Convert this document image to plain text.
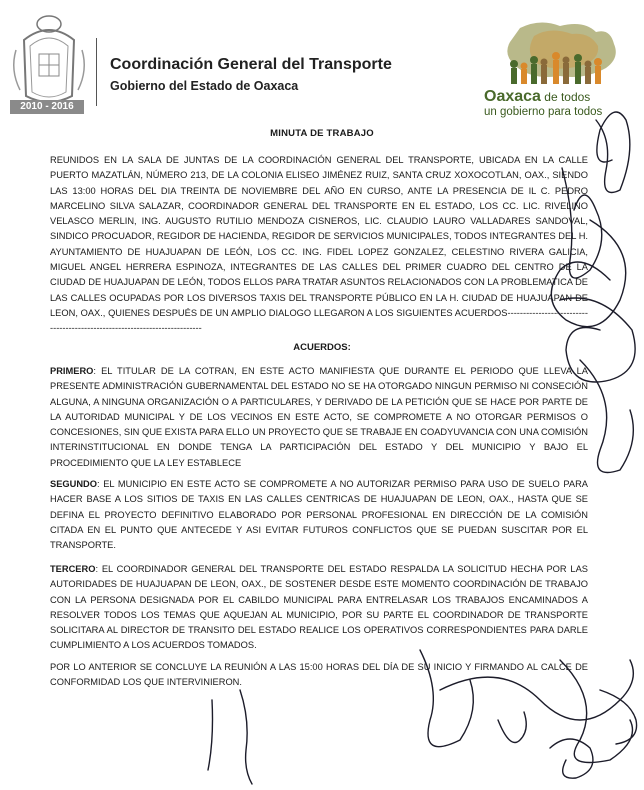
2010 - 2016
Coordinación General del Transporte
Gobierno del Estado de Oaxaca
Oaxaca de todos
un gobierno para todos
MINUTA DE TRABAJO

REUNIDOS EN LA SALA DE JUNTAS DE LA COORDINACIÓN GENERAL DEL TRANSPORTE, UBICADA EN LA CALLE PUERTO MAZATLÁN, NÚMERO 213, DE LA COLONIA ELISEO JIMÉNEZ RUIZ, SANTA CRUZ XOXOCOTLAN, OAX., SIENDO LAS 13:00 HORAS DEL DIA TREINTA DE NOVIEMBRE DEL AÑO EN CURSO, ANTE LA PRESENCIA DE IL C. PEDRO MARCELINO SILVA SALAZAR, COORDINADOR GENERAL DEL TRANSPORTE EN EL ESTADO, LOS CC. LIC. RIVELINO VELASCO MERLIN, ING. AUGUSTO RUTILIO MENDOZA CISNEROS, LIC. CLAUDIO LAURO VALLADARES SANDOVAL, SINDICO PROCUADOR, REGIDOR DE HACIENDA, REGIDOR DE SERVICIOS MUNICIPALES, TODOS INTEGRANTES DEL H. AYUNTAMIENTO DE HUAJUAPAN DE LEÓN, LOS CC. ING. FIDEL LOPEZ GONZALEZ, CELESTINO RIVERA GALICIA, MIGUEL ANGEL HERRERA ESPINOZA, INTEGRANTES DE LAS CALLES DEL PRIMER CUADRO DEL CENTRO DE LA CIUDAD DE HUAJUAPAN DE LEÓN, TODOS ELLOS PARA TRATAR ASUNTOS RELACIONADOS CON LA PROBLEMATICA DE LAS CALLES OCUPADAS POR LOS DIVERSOS TAXIS DEL TRANSPORTE PÚBLICO EN LA H. CIUDAD DE HUAJUAPAN DE LEON, OAX., QUIENES DESPUÉS DE UN AMPLIO DIALOGO LLEGARON A LOS SIGUIENTES ACUERDOS---------------------------------------------------------------------------

ACUERDOS:

PRIMERO: EL TITULAR DE LA COTRAN, EN ESTE ACTO MANIFIESTA QUE DURANTE EL PERIODO QUE LLEVA LA PRESENTE ADMINISTRACIÓN GUBERNAMENTAL DEL ESTADO NO SE HA OTORGADO NINGUN PERMISO NI CONSECIÓN ALGUNA, A NINGUNA ORGANIZACIÓN O A PARTICULARES, Y DERIVADO DE LA PETICIÓN QUE SE HACE POR PARTE DE LA AUTORIDAD MUNICIPAL Y DE LOS VECINOS EN ESTE ACTO, SE COMPROMETE A NO OTORGAR PERMISOS O CONCESIONES, SIN QUE EXISTA PARA ELLO UN PROYECTO QUE SE TRABAJE EN COADYUVANCIA CON UNA COMISIÓN INTERINSTITUCIONAL EN DONDE TENGA LA PARTICIPACIÓN DEL ESTADO Y DEL MUNICIPIO Y BAJO EL PROCEDIMIENTO QUE LA LEY ESTABLECE

SEGUNDO: EL MUNICIPIO EN ESTE ACTO SE COMPROMETE A NO AUTORIZAR PERMISO PARA USO DE SUELO PARA HACER BASE A LOS SITIOS DE TAXIS EN LAS CALLES CENTRICAS DE HUAJUAPAN DE LEON, OAX., HASTA QUE SE DEFINA EL PROYECTO DEFINITIVO ELABORADO POR PERSONAL PROFESIONAL EN DIRECCIÓN DE LA COMISIÓN CITADA EN EL PUNTO QUE ANTECEDE Y ASI EVITAR FUTUROS CONFLICTOS QUE SE PUEDAN SUSCITAR POR EL TRANSPORTE.

TERCERO: EL COORDINADOR GENERAL DEL TRANSPORTE DEL ESTADO RESPALDA LA SOLICITUD HECHA POR LAS AUTORIDADES DE HUAJUAPAN DE LEON, OAX., DE SOSTENER DESDE ESTE MOMENTO COORDINACIÓN DE TRABAJO CON LA PERSONA DESIGNADA POR EL CABILDO MUNICIPAL PARA ENTRELASAR LOS TRABAJOS ENCAMINADOS A RESOLVER TODOS LOS TEMAS QUE AQUEJAN AL MUNICIPIO, POR SU PARTE EL COORDINADOR DE TRANSPORTE SOLICITARA AL DIRECTOR DE TRANSITO DEL ESTADO REALICE LOS OPERATIVOS CORRESPONDIENTES PARA DARLE CUMPLIMIENTO A LOS ACUERDOS TOMADOS.

POR LO ANTERIOR SE CONCLUYE LA REUNIÓN A LAS 15:00 HORAS DEL DÍA DE SU INICIO Y FIRMANDO AL CALCE DE CONFORMIDAD LOS QUE INTERVINIERON.
